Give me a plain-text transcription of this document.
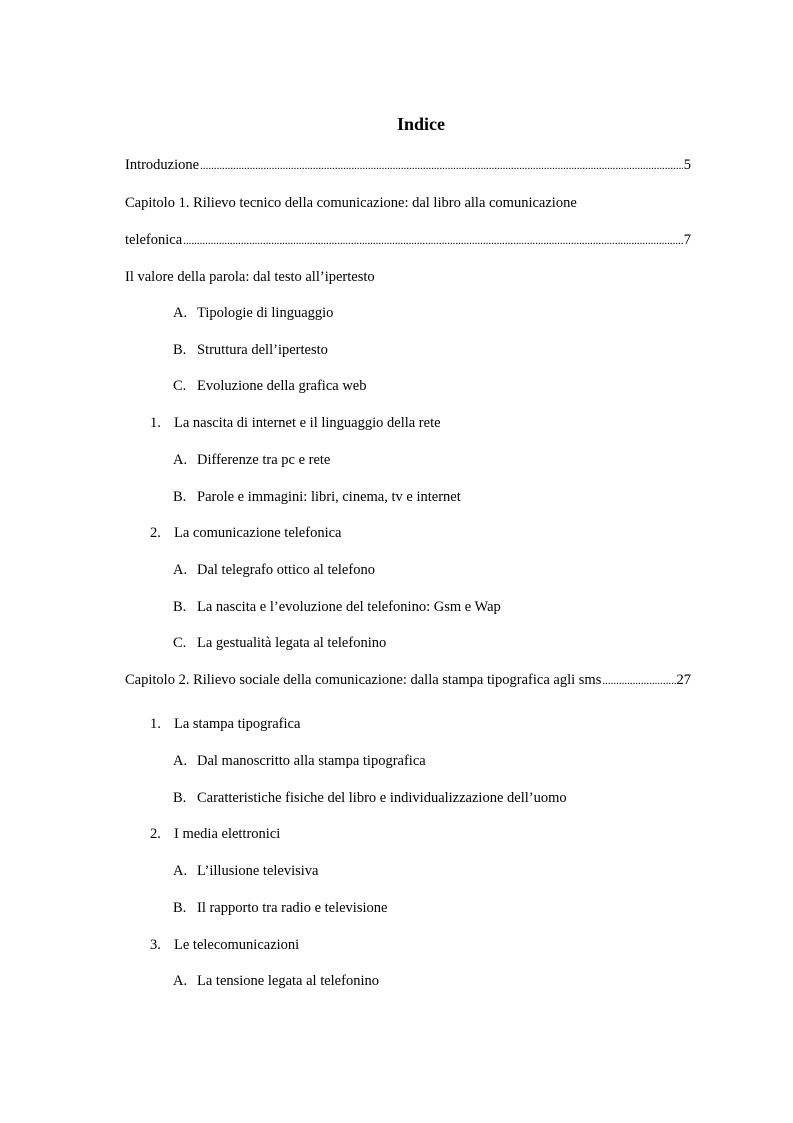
Indice
Introduzione .....	5
Capitolo 1. Rilievo tecnico della comunicazione: dal libro alla comunicazione
telefonica .....	7
Il valore della parola: dal testo all’ipertesto
A. Tipologie di linguaggio
B. Struttura dell’ipertesto
C. Evoluzione della grafica web
1. La nascita di internet e il linguaggio della rete
A. Differenze tra pc e rete
B. Parole e immagini: libri, cinema, tv e internet
2. La comunicazione telefonica
A. Dal telegrafo ottico al telefono
B. La nascita e l’evoluzione del telefonino: Gsm e Wap
C. La gestualità legata al telefonino
Capitolo 2. Rilievo sociale della comunicazione: dalla stampa tipografica agli sms .....	27
1. La stampa tipografica
A. Dal manoscritto alla stampa tipografica
B. Caratteristiche fisiche del libro e individualizzazione dell’uomo
2. I media elettronici
A. L’illusione televisiva
B. Il rapporto tra radio e televisione
3. Le telecomunicazioni
A. La tensione legata al telefonino
